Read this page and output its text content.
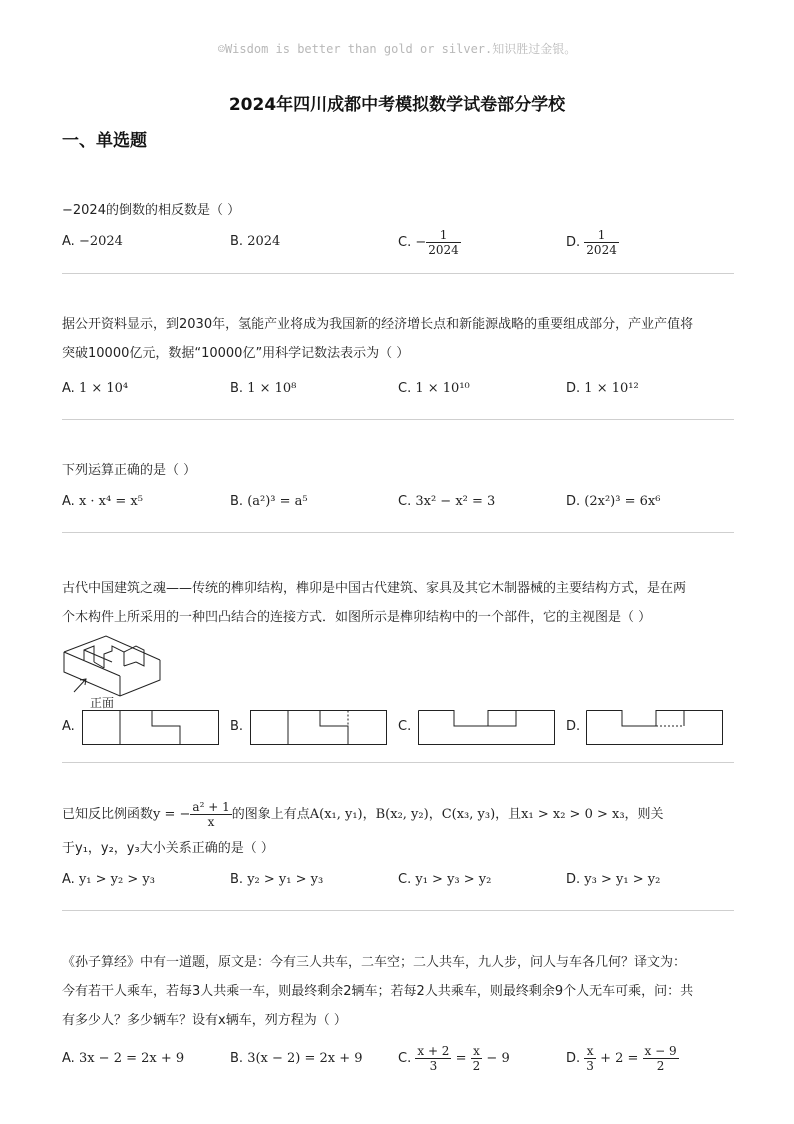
☺Wisdom is better than gold or silver.知识胜过金银。
2024年四川成都中考模拟数学试卷部分学校
一、单选题
−2024的倒数的相反数是（ ）
A. −2024	B. 2024	C. − $\frac{1}{2024}$	D. $\frac{1}{2024}$
据公开资料显示，到2030年，氢能产业将成为我国新的经济增长点和新能源战略的重要组成部分，产业产值将
突破10000亿元，数据“10000亿”用科学记数法表示为（ ）
A. 1 × 10⁴	B. 1 × 10⁸	C. 1 × 10¹⁰	D. 1 × 10¹²
下列运算正确的是（ ）
A. x · x⁴ = x⁵	B. (a²)³ = a⁵	C. 3x² − x² = 3	D. (2x²)³ = 6x⁶
古代中国建筑之魂——传统的榫卯结构，榫卯是中国古代建筑、家具及其它木制器械的主要结构方式，是在两
个木构件上所采用的一种凹凸结合的连接方式．如图所示是榫卯结构中的一个部件，它的主视图是（ ）
正面
A.	B.	C.	D.
已知反比例函数y = − $\frac{\text{a² + 1}}{x}$ 的图象上有点A(x₁, y₁)，B(x₂, y₂)，C(x₃, y₃)，且x₁ > x₂ > 0 > x₃，则关
于y₁，y₂，y₃大小关系正确的是（ ）
A. y₁ > y₂ > y₃	B. y₂ > y₁ > y₃	C. y₁ > y₃ > y₂	D. y₃ > y₁ > y₂
《孙子算经》中有一道题，原文是：今有三人共车，二车空；二人共车，九人步，问人与车各几何？译文为：
今有若干人乘车，若每3人共乘一车，则最终剩余2辆车；若每2人共乘车，则最终剩余9个人无车可乘，问：共
有多少人？多少辆车？设有x辆车，列方程为（ ）
A. 3x − 2 = 2x + 9	B. 3(x − 2) = 2x + 9	C. $\frac{x + 2}{3} = \frac{x}{2} - 9$	D. $\frac{x}{3} + 2 = \frac{x - 9}{2}$
